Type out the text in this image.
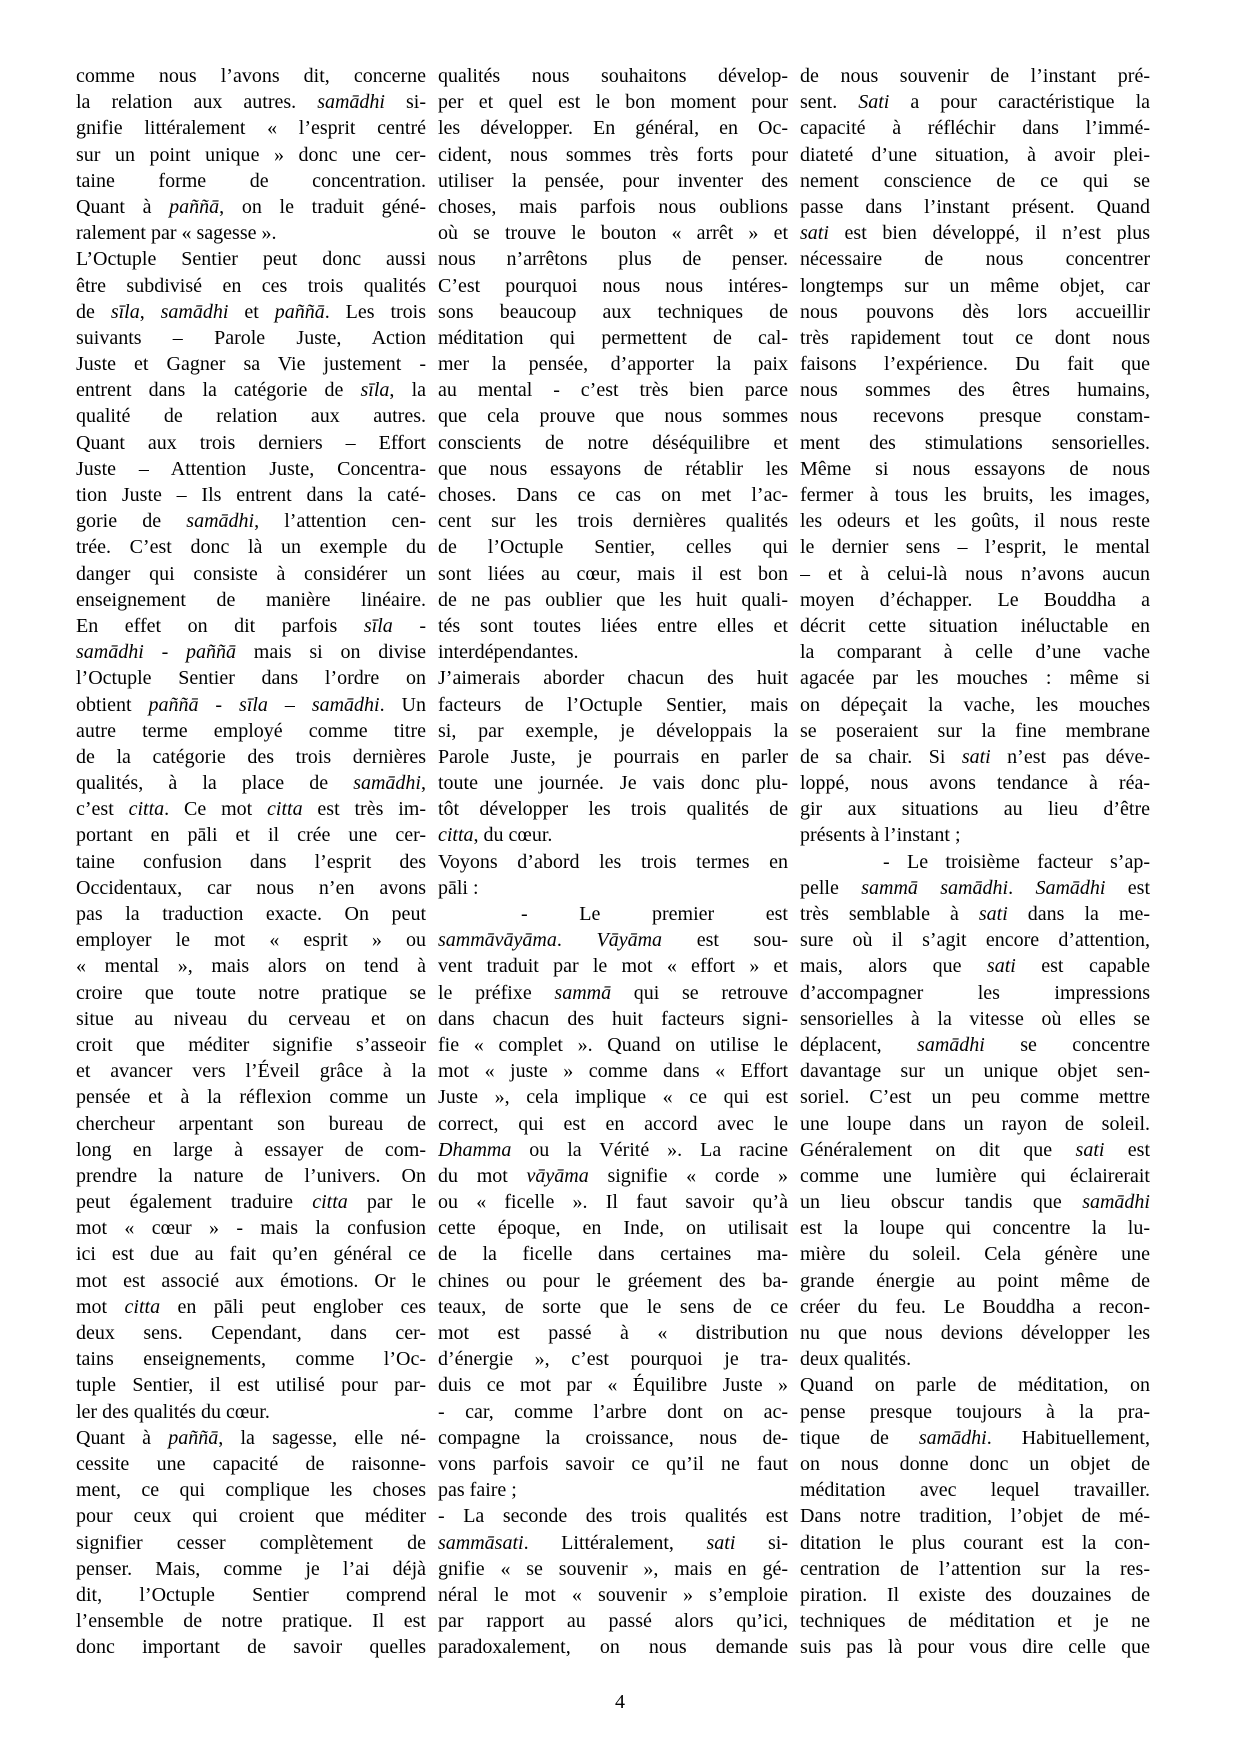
comme nous l’avons dit, concerne
la relation aux autres. samādhi si-
gnifie littéralement « l’esprit centré
sur un point unique » donc une cer-
taine forme de concentration.
Quant à paññā, on le traduit géné-
ralement par « sagesse ».
L’Octuple Sentier peut donc aussi
être subdivisé en ces trois qualités
de sīla, samādhi et paññā. Les trois
suivants – Parole Juste, Action
Juste et Gagner sa Vie justement -
entrent dans la catégorie de sīla, la
qualité de relation aux autres.
Quant aux trois derniers – Effort
Juste – Attention Juste, Concentra-
tion Juste – Ils entrent dans la caté-
gorie de samādhi, l’attention cen-
trée. C’est donc là un exemple du
danger qui consiste à considérer un
enseignement de manière linéaire.
En effet on dit parfois sīla -
samādhi - paññā mais si on divise
l’Octuple Sentier dans l’ordre on
obtient paññā - sīla – samādhi. Un
autre terme employé comme titre
de la catégorie des trois dernières
qualités, à la place de samādhi,
c’est citta. Ce mot citta est très im-
portant en pāli et il crée une cer-
taine confusion dans l’esprit des
Occidentaux, car nous n’en avons
pas la traduction exacte. On peut
employer le mot « esprit » ou
« mental », mais alors on tend à
croire que toute notre pratique se
situe au niveau du cerveau et on
croit que méditer signifie s’asseoir
et avancer vers l’Éveil grâce à la
pensée et à la réflexion comme un
chercheur arpentant son bureau de
long en large à essayer de com-
prendre la nature de l’univers. On
peut également traduire citta par le
mot « cœur » - mais la confusion
ici est due au fait qu’en général ce
mot est associé aux émotions. Or le
mot citta en pāli peut englober ces
deux sens. Cependant, dans cer-
tains enseignements, comme l’Oc-
tuple Sentier, il est utilisé pour par-
ler des qualités du cœur.
Quant à paññā, la sagesse, elle né-
cessite une capacité de raisonne-
ment, ce qui complique les choses
pour ceux qui croient que méditer
signifier cesser complètement de
penser. Mais, comme je l’ai déjà
dit, l’Octuple Sentier comprend
l’ensemble de notre pratique. Il est
donc important de savoir quelles
qualités nous souhaitons dévelop-
per et quel est le bon moment pour
les développer. En général, en Oc-
cident, nous sommes très forts pour
utiliser la pensée, pour inventer des
choses, mais parfois nous oublions
où se trouve le bouton « arrêt » et
nous n’arrêtons plus de penser.
C’est pourquoi nous nous intéres-
sons beaucoup aux techniques de
méditation qui permettent de cal-
mer la pensée, d’apporter la paix
au mental - c’est très bien parce
que cela prouve que nous sommes
conscients de notre déséquilibre et
que nous essayons de rétablir les
choses. Dans ce cas on met l’ac-
cent sur les trois dernières qualités
de l’Octuple Sentier, celles qui
sont liées au cœur, mais il est bon
de ne pas oublier que les huit quali-
tés sont toutes liées entre elles et
interdépendantes.
J’aimerais aborder chacun des huit
facteurs de l’Octuple Sentier, mais
si, par exemple, je développais la
Parole Juste, je pourrais en parler
toute une journée. Je vais donc plu-
tôt développer les trois qualités de
citta, du cœur.
Voyons d’abord les trois termes en
pāli :
- Le premier est
sammāvāyāma. Vāyāma est sou-
vent traduit par le mot « effort » et
le préfixe sammā qui se retrouve
dans chacun des huit facteurs signi-
fie « complet ». Quand on utilise le
mot « juste » comme dans « Effort
Juste », cela implique « ce qui est
correct, qui est en accord avec le
Dhamma ou la Vérité ». La racine
du mot vāyāma signifie « corde »
ou « ficelle ». Il faut savoir qu’à
cette époque, en Inde, on utilisait
de la ficelle dans certaines ma-
chines ou pour le gréement des ba-
teaux, de sorte que le sens de ce
mot est passé à « distribution
d’énergie », c’est pourquoi je tra-
duis ce mot par « Équilibre Juste »
- car, comme l’arbre dont on ac-
compagne la croissance, nous de-
vons parfois savoir ce qu’il ne faut
pas faire ;
- La seconde des trois qualités est
sammāsati. Littéralement, sati si-
gnifie « se souvenir », mais en gé-
néral le mot « souvenir » s’emploie
par rapport au passé alors qu’ici,
paradoxalement, on nous demande
de nous souvenir de l’instant pré-
sent. Sati a pour caractéristique la
capacité à réfléchir dans l’immé-
diateté d’une situation, à avoir plei-
nement conscience de ce qui se
passe dans l’instant présent. Quand
sati est bien développé, il n’est plus
nécessaire de nous concentrer
longtemps sur un même objet, car
nous pouvons dès lors accueillir
très rapidement tout ce dont nous
faisons l’expérience. Du fait que
nous sommes des êtres humains,
nous recevons presque constam-
ment des stimulations sensorielles.
Même si nous essayons de nous
fermer à tous les bruits, les images,
les odeurs et les goûts, il nous reste
le dernier sens – l’esprit, le mental
– et à celui-là nous n’avons aucun
moyen d’échapper. Le Bouddha a
décrit cette situation inéluctable en
la comparant à celle d’une vache
agacée par les mouches : même si
on dépeçait la vache, les mouches
se poseraient sur la fine membrane
de sa chair. Si sati n’est pas déve-
loppé, nous avons tendance à réa-
gir aux situations au lieu d’être
présents à l’instant ;
- Le troisième facteur s’ap-
pelle sammā samādhi. Samādhi est
très semblable à sati dans la me-
sure où il s’agit encore d’attention,
mais, alors que sati est capable
d’accompagner les impressions
sensorielles à la vitesse où elles se
déplacent, samādhi se concentre
davantage sur un unique objet sen-
soriel. C’est un peu comme mettre
une loupe dans un rayon de soleil.
Généralement on dit que sati est
comme une lumière qui éclairerait
un lieu obscur tandis que samādhi
est la loupe qui concentre la lu-
mière du soleil. Cela génère une
grande énergie au point même de
créer du feu. Le Bouddha a recon-
nu que nous devions développer les
deux qualités.
Quand on parle de méditation, on
pense presque toujours à la pra-
tique de samādhi. Habituellement,
on nous donne donc un objet de
méditation avec lequel travailler.
Dans notre tradition, l’objet de mé-
ditation le plus courant est la con-
centration de l’attention sur la res-
piration. Il existe des douzaines de
techniques de méditation et je ne
suis pas là pour vous dire celle que
4
